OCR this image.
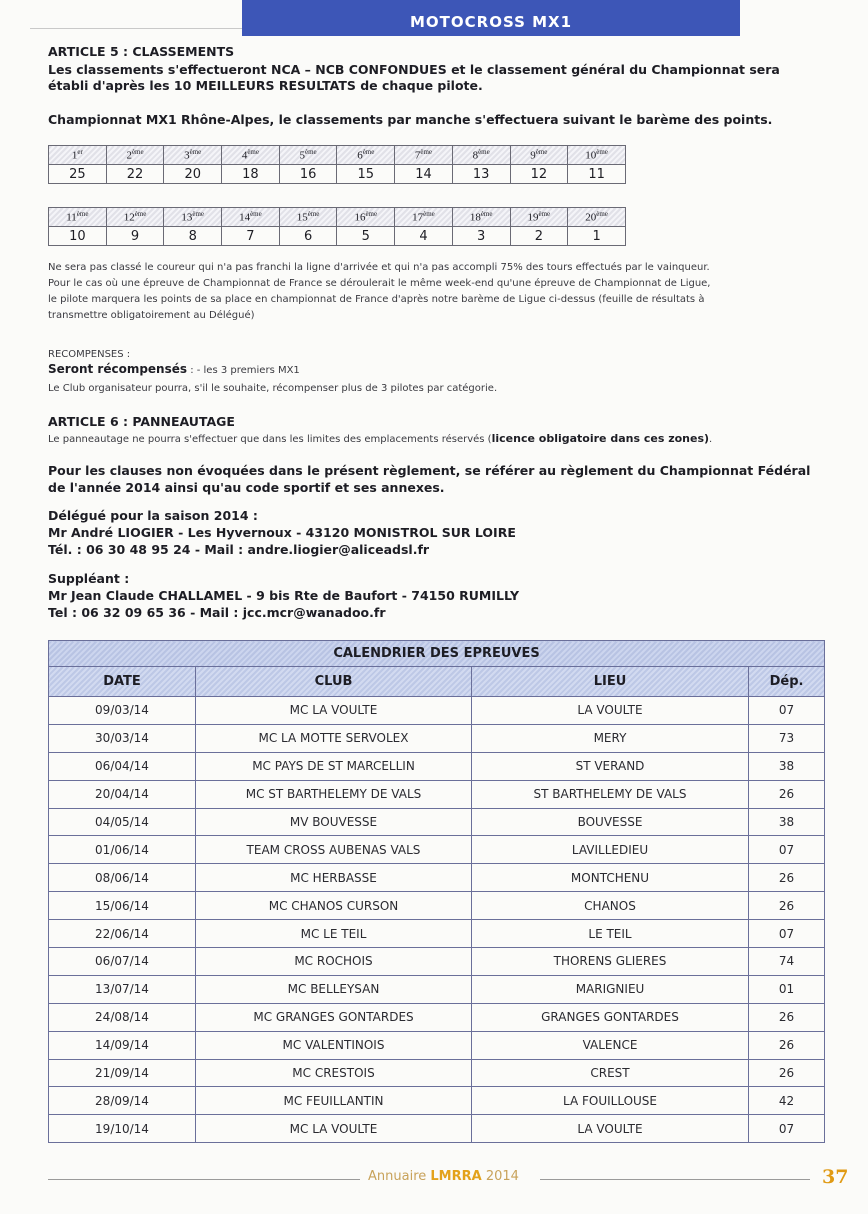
MOTOCROSS MX1
ARTICLE 5 : CLASSEMENTS
Les classements s'effectueront NCA – NCB CONFONDUES et le classement général du Championnat sera
établi d'après les 10 MEILLEURS RESULTATS de chaque pilote.
Championnat MX1 Rhône-Alpes, le classements par manche s'effectuera suivant le barème des points.
1er	2ème	3ème	4ème	5ème	6ème	7ème	8ème	9ème	10ème
25	22	20	18	16	15	14	13	12	11
11ème	12ème	13ème	14ème	15ème	16ème	17ème	18ème	19ème	20ème
10	9	8	7	6	5	4	3	2	1
Ne sera pas classé le coureur qui n'a pas franchi la ligne d'arrivée et qui n'a pas accompli 75% des tours effectués par le vainqueur.
Pour le cas où une épreuve de Championnat de France se déroulerait le même week-end qu'une épreuve de Championnat de Ligue,
le pilote marquera les points de sa place en championnat de France d'après notre barème de Ligue ci-dessus (feuille de résultats à
transmettre obligatoirement au Délégué)
RECOMPENSES :
Seront récompensés : - les 3 premiers MX1
Le Club organisateur pourra, s'il le souhaite, récompenser plus de 3 pilotes par catégorie.
ARTICLE 6 : PANNEAUTAGE
Le panneautage ne pourra s'effectuer que dans les limites des emplacements réservés (licence obligatoire dans ces zones).
Pour les clauses non évoquées dans le présent règlement, se référer au règlement du Championnat Fédéral
de l'année 2014 ainsi qu'au code sportif et ses annexes.
Délégué pour la saison 2014 :
Mr André LIOGIER - Les Hyvernoux - 43120 MONISTROL SUR LOIRE
Tél. : 06 30 48 95 24 - Mail : andre.liogier@aliceadsl.fr
Suppléant :
Mr Jean Claude CHALLAMEL - 9 bis Rte de Baufort - 74150 RUMILLY
Tel : 06 32 09 65 36 - Mail : jcc.mcr@wanadoo.fr
CALENDRIER DES EPREUVES			
DATE	CLUB	LIEU	Dép.
09/03/14	MC LA VOULTE	LA VOULTE	07
30/03/14	MC LA MOTTE SERVOLEX	MERY	73
06/04/14	MC PAYS DE ST MARCELLIN	ST VERAND	38
20/04/14	MC ST BARTHELEMY DE VALS	ST BARTHELEMY DE VALS	26
04/05/14	MV BOUVESSE	BOUVESSE	38
01/06/14	TEAM CROSS AUBENAS VALS	LAVILLEDIEU	07
08/06/14	MC HERBASSE	MONTCHENU	26
15/06/14	MC CHANOS CURSON	CHANOS	26
22/06/14	MC LE TEIL	LE TEIL	07
06/07/14	MC ROCHOIS	THORENS GLIERES	74
13/07/14	MC BELLEYSAN	MARIGNIEU	01
24/08/14	MC GRANGES GONTARDES	GRANGES GONTARDES	26
14/09/14	MC VALENTINOIS	VALENCE	26
21/09/14	MC CRESTOIS	CREST	26
28/09/14	MC FEUILLANTIN	LA FOUILLOUSE	42
19/10/14	MC LA VOULTE	LA VOULTE	07
Annuaire LMRRA 2014	37
